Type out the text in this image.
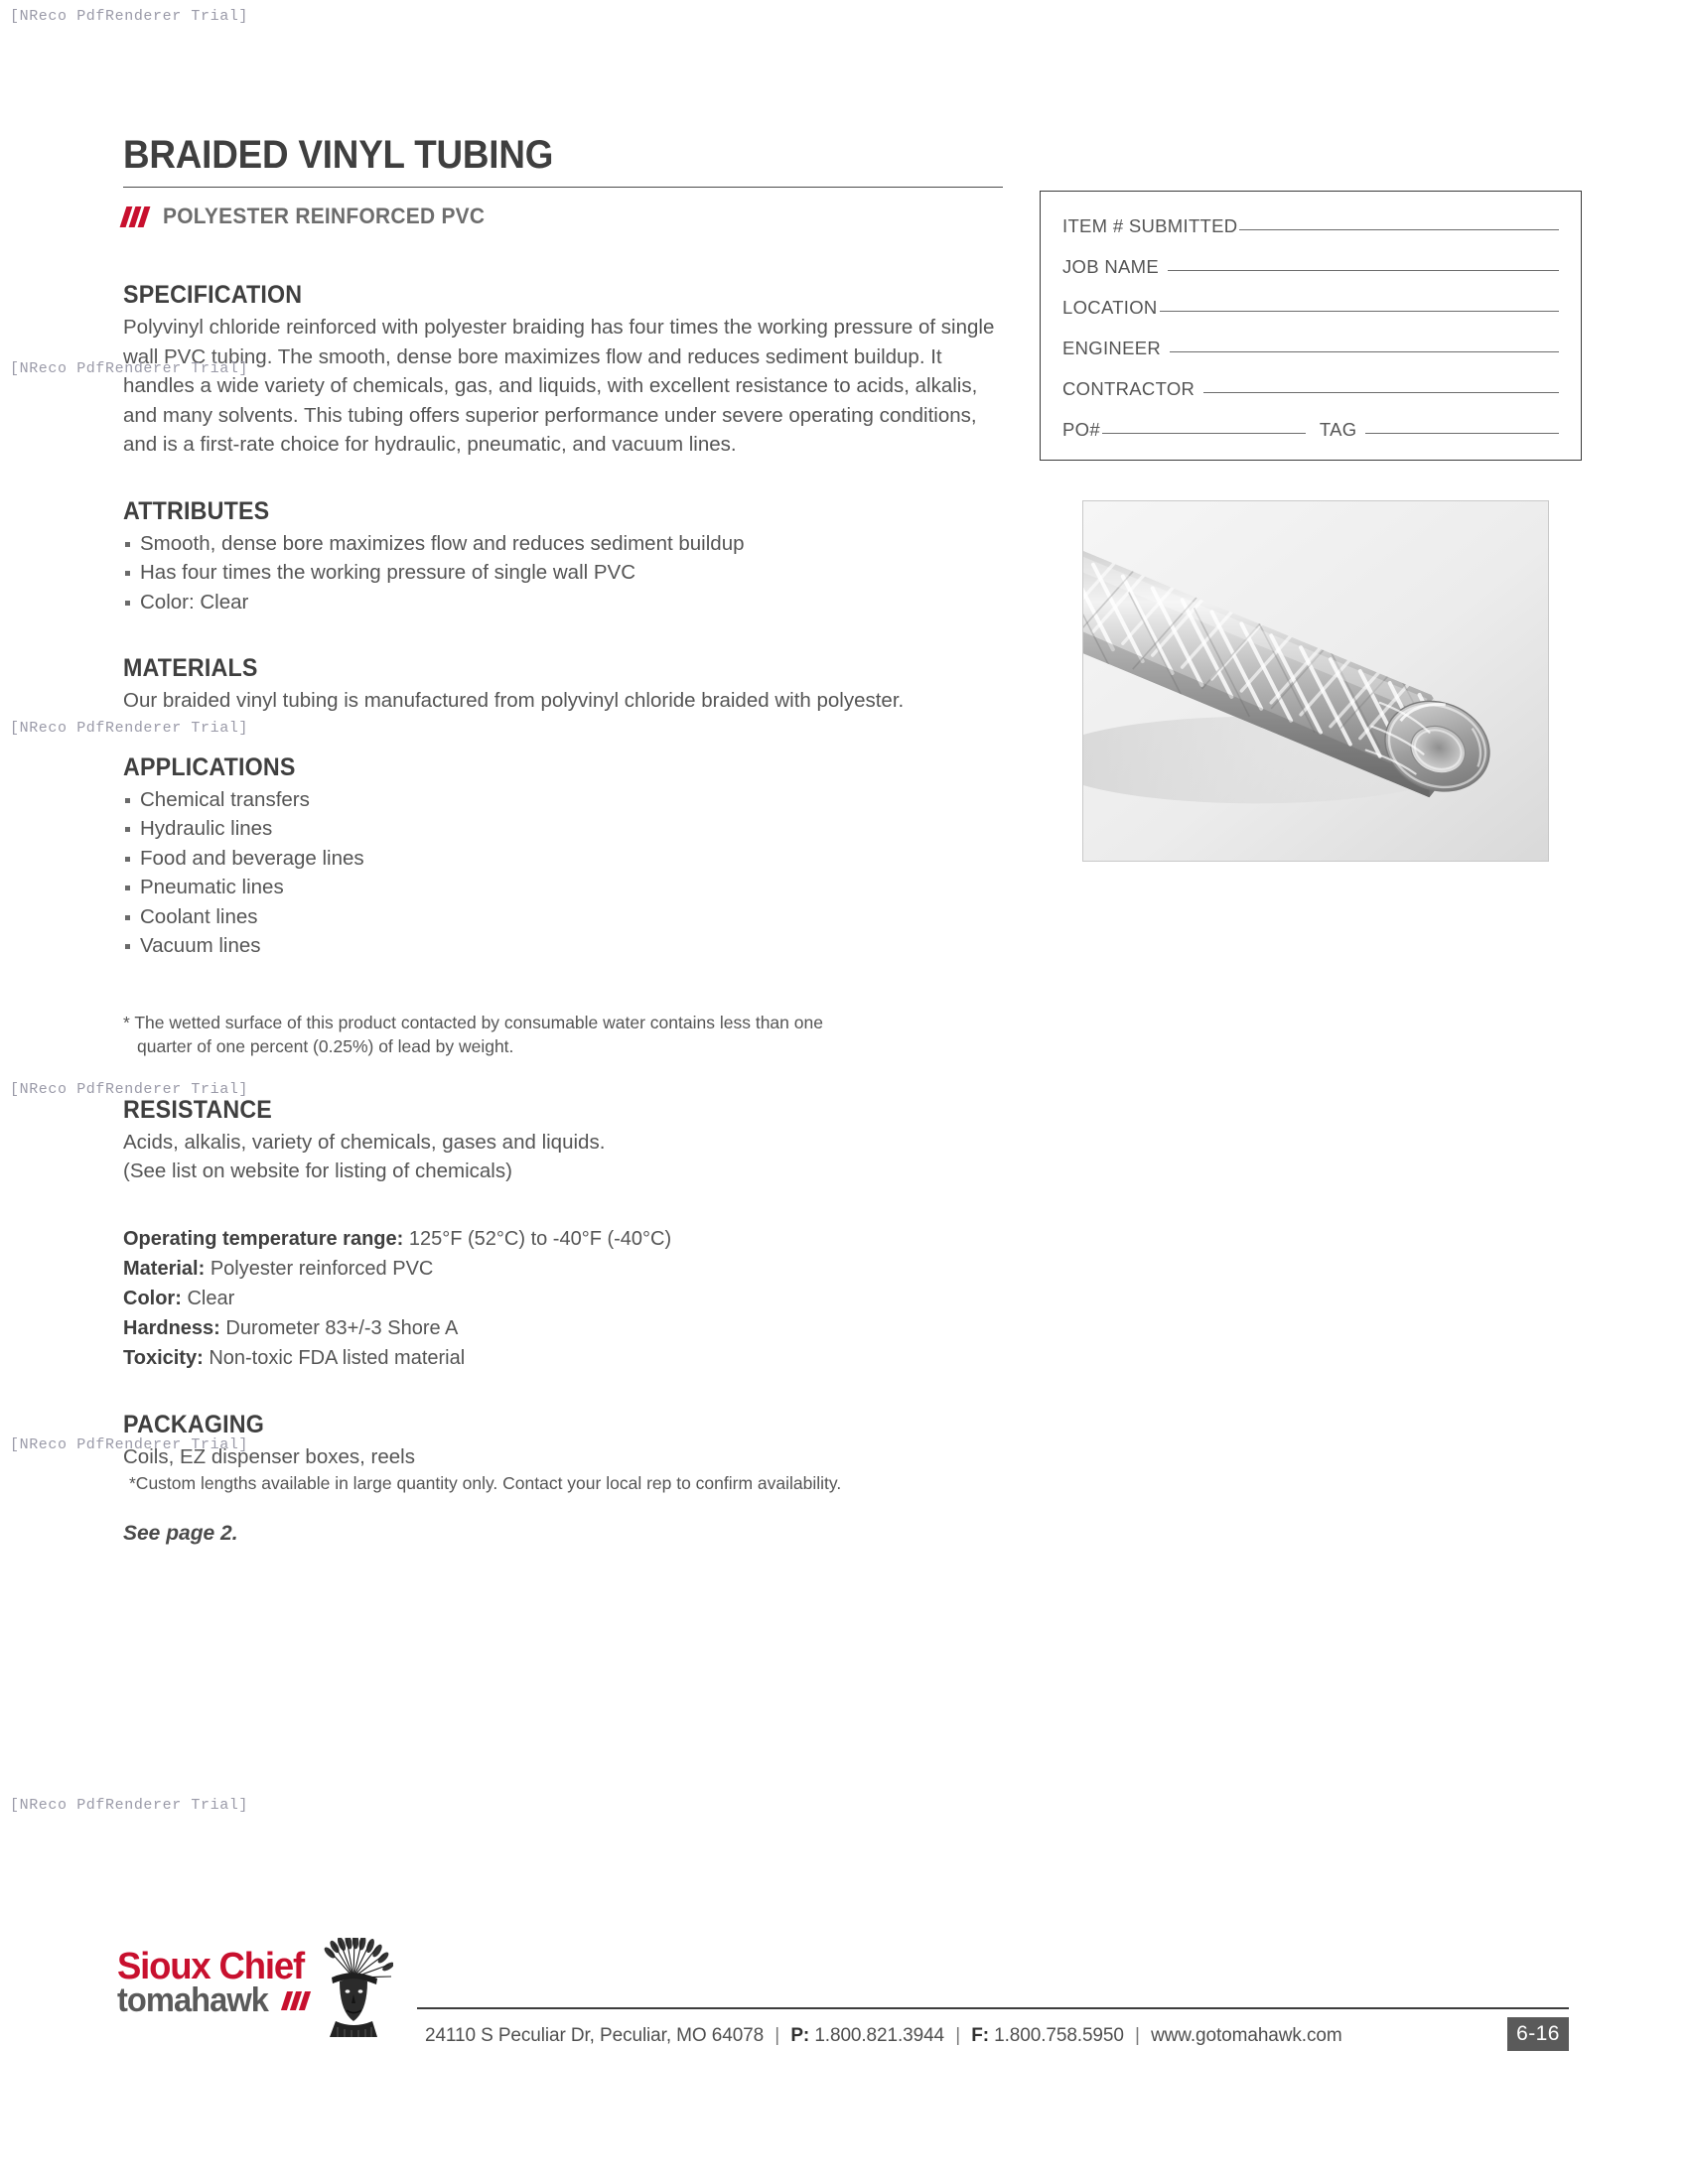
BRAIDED VINYL TUBING
POLYESTER REINFORCED PVC	ITEM # SUBMITTED
JOB NAME
LOCATION
ENGINEER
CONTRACTOR
PO#	TAG
SPECIFICATION

Polyvinyl chloride reinforced with polyester braiding has four times the working pressure of single wall PVC tubing. The smooth, dense bore maximizes flow and reduces sediment buildup. It handles a wide variety of chemicals, gas, and liquids, with excellent resistance to acids, alkalis, and many solvents. This tubing offers superior performance under severe operating conditions, and is a first-rate choice for hydraulic, pneumatic, and vacuum lines.

ATTRIBUTES
Smooth, dense bore maximizes flow and reduces sediment buildup
Has four times the working pressure of single wall PVC
Color: Clear
MATERIALS

Our braided vinyl tubing is manufactured from polyvinyl chloride braided with polyester.

APPLICATIONS
Chemical transfers
Hydraulic lines
Food and beverage lines
Pneumatic lines
Coolant lines
Vacuum lines
* The wetted surface of this product contacted by consumable water contains less than one
quarter of one percent (0.25%) of lead by weight.
RESISTANCE

Acids, alkalis, variety of chemicals, gases and liquids.

(See list on website for listing of chemicals)

Operating temperature range: 125°F (52°C) to -40°F (-40°C)
Material: Polyester reinforced PVC
Color: Clear
Hardness: Durometer 83+/-3 Shore A
Toxicity: Non-toxic FDA listed material
PACKAGING

Coils, EZ dispenser boxes, reels

*Custom lengths available in large quantity only. Contact your local rep to confirm availability.

See page 2.

Sioux Chief
tomahawk
24110 S Peculiar Dr, Peculiar, MO 64078 | P: 1.800.821.3944 | F: 1.800.758.5950 | www.gotomahawk.com	6-16
[NReco PdfRenderer Trial]
[NReco PdfRenderer Trial]
[NReco PdfRenderer Trial]
[NReco PdfRenderer Trial]
[NReco PdfRenderer Trial]
[NReco PdfRenderer Trial]
